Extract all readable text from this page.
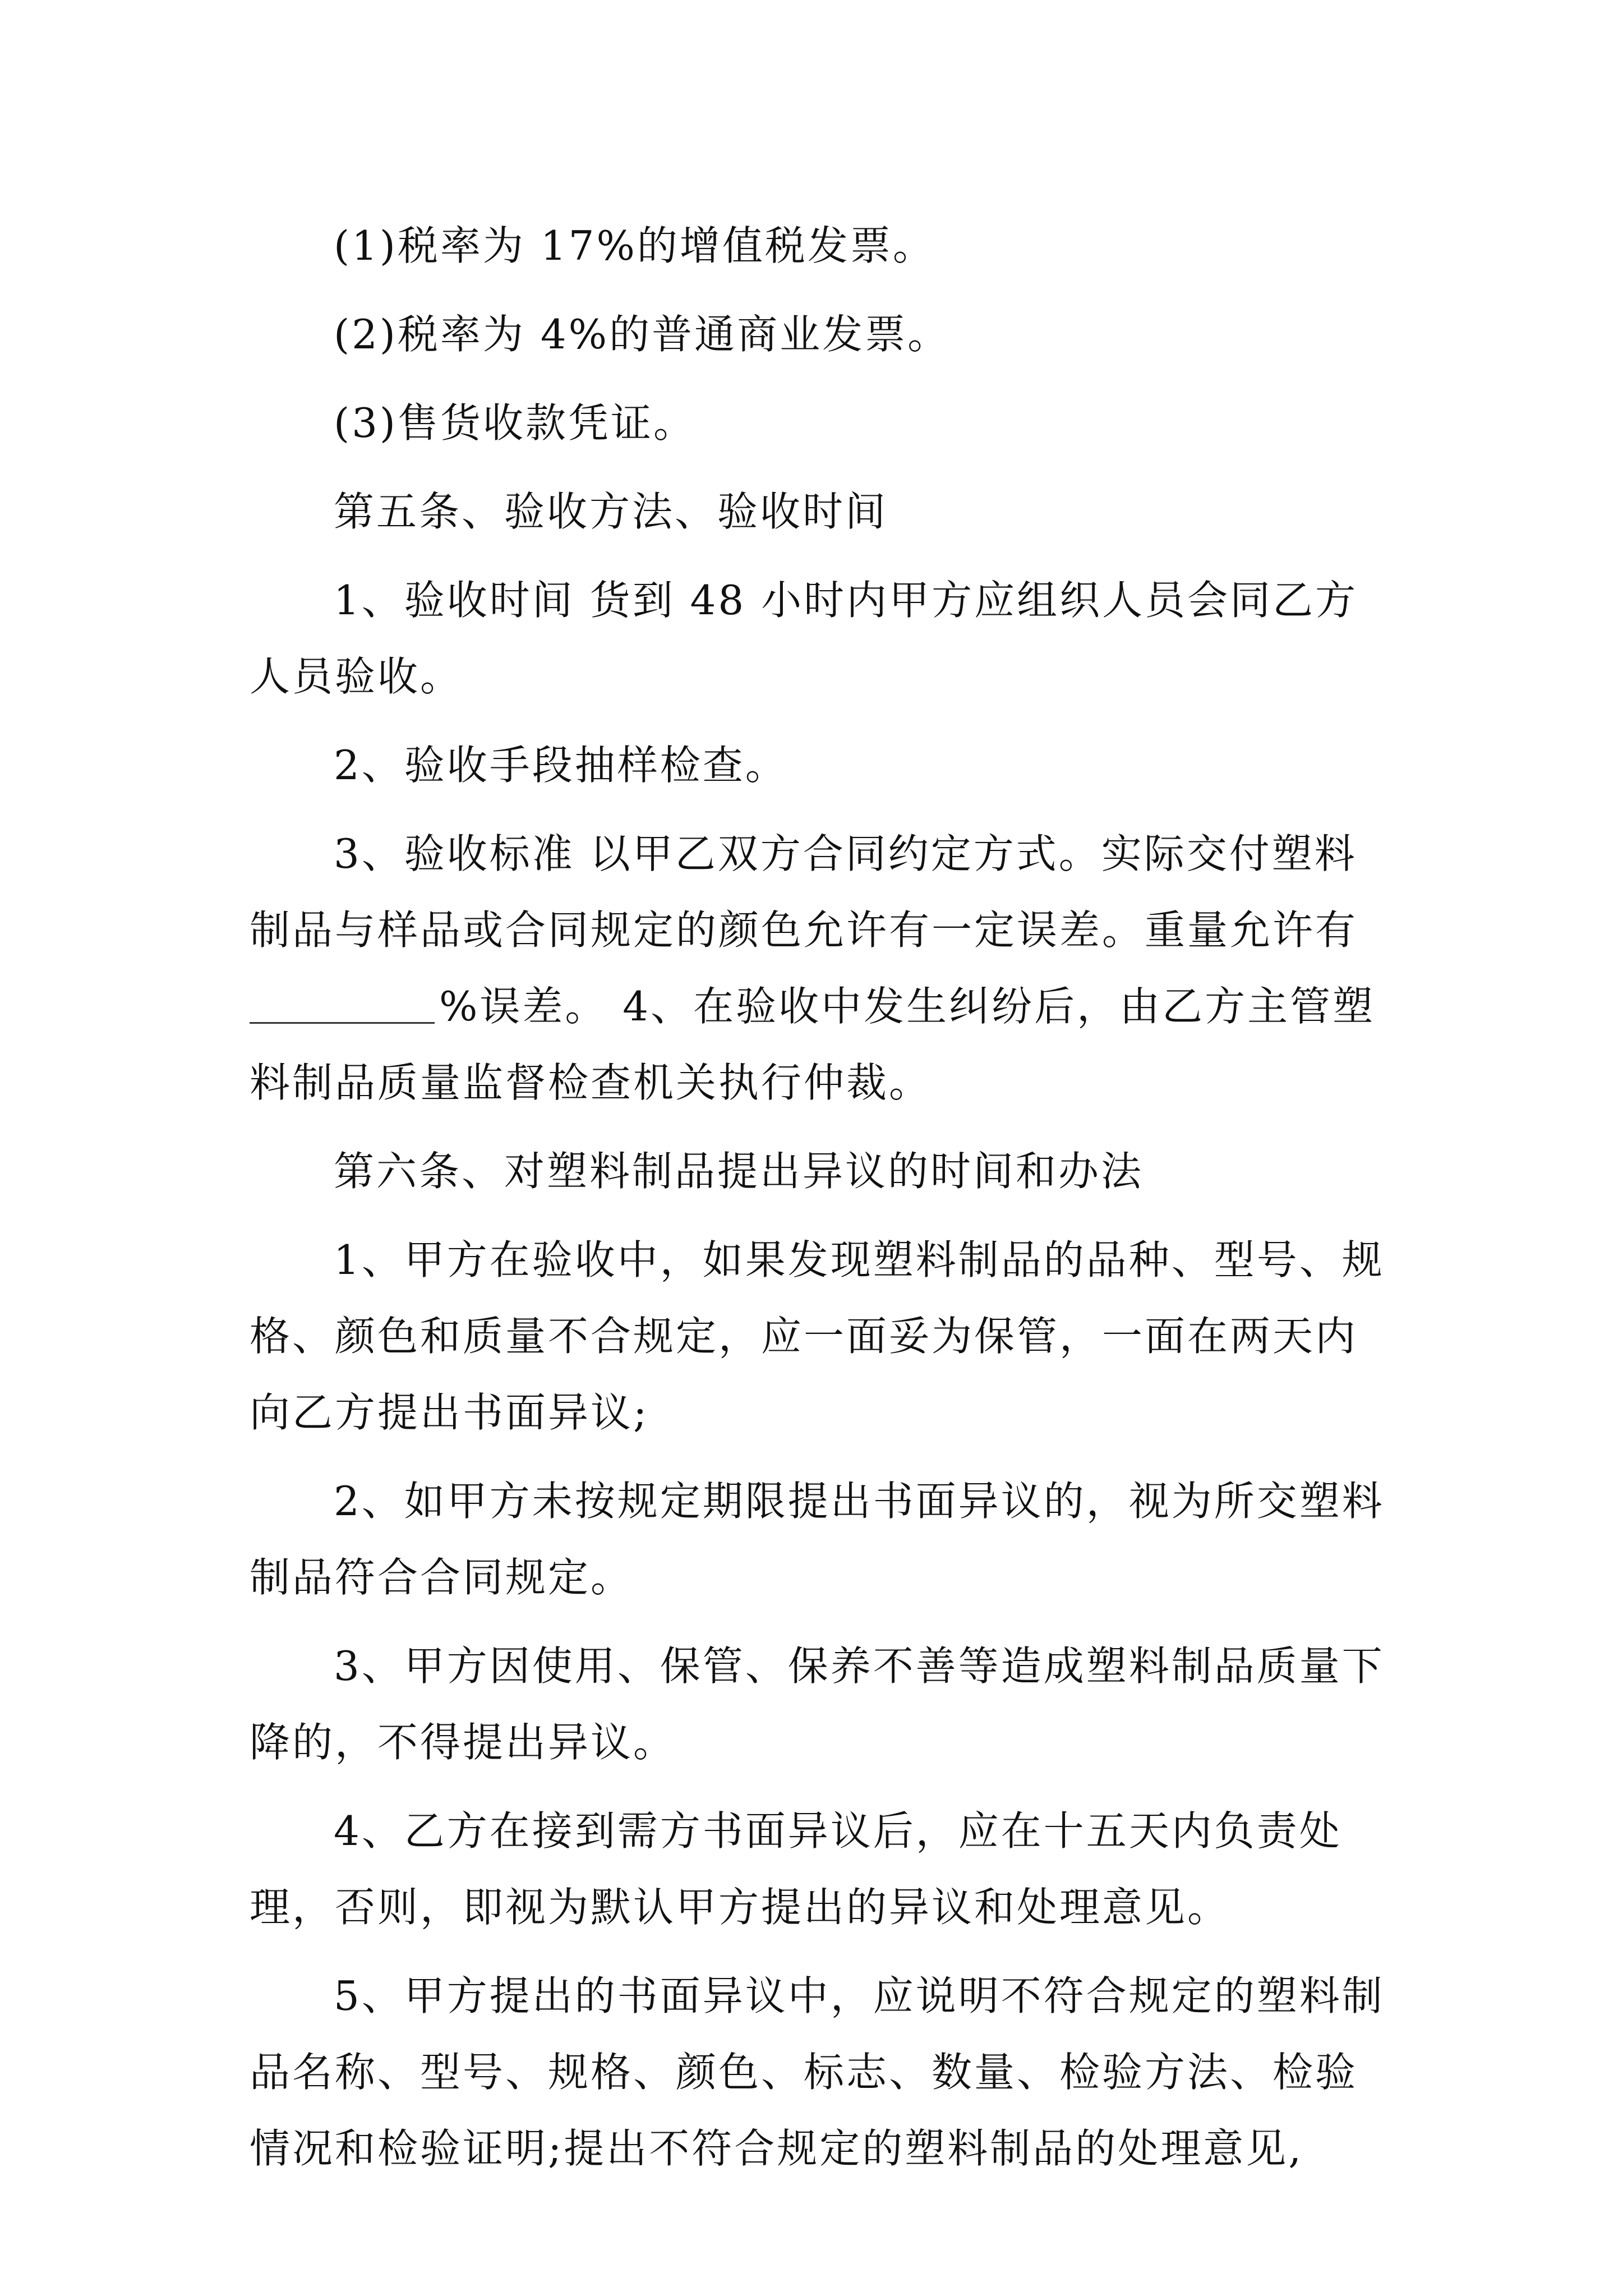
(1)税率为 17%的增值税发票。

(2)税率为 4%的普通商业发票。

(3)售货收款凭证。

第五条、验收方法、验收时间

1、验收时间 货到 48 小时内甲方应组织人员会同乙方人员验收。

2、验收手段抽样检查。

3、验收标准 以甲乙双方合同约定方式。实际交付塑料制品与样品或合同规定的颜色允许有一定误差。重量允许有%误差。 4、在验收中发生纠纷后，由乙方主管塑料制品质量监督检查机关执行仲裁。

第六条、对塑料制品提出异议的时间和办法

1、甲方在验收中，如果发现塑料制品的品种、型号、规格、颜色和质量不合规定，应一面妥为保管，一面在两天内向乙方提出书面异议;

2、如甲方未按规定期限提出书面异议的，视为所交塑料制品符合合同规定。

3、甲方因使用、保管、保养不善等造成塑料制品质量下降的，不得提出异议。

4、乙方在接到需方书面异议后，应在十五天内负责处理，否则，即视为默认甲方提出的异议和处理意见。

5、甲方提出的书面异议中，应说明不符合规定的塑料制品名称、型号、规格、颜色、标志、数量、检验方法、检验情况和检验证明;提出不符合规定的塑料制品的处理意见,
